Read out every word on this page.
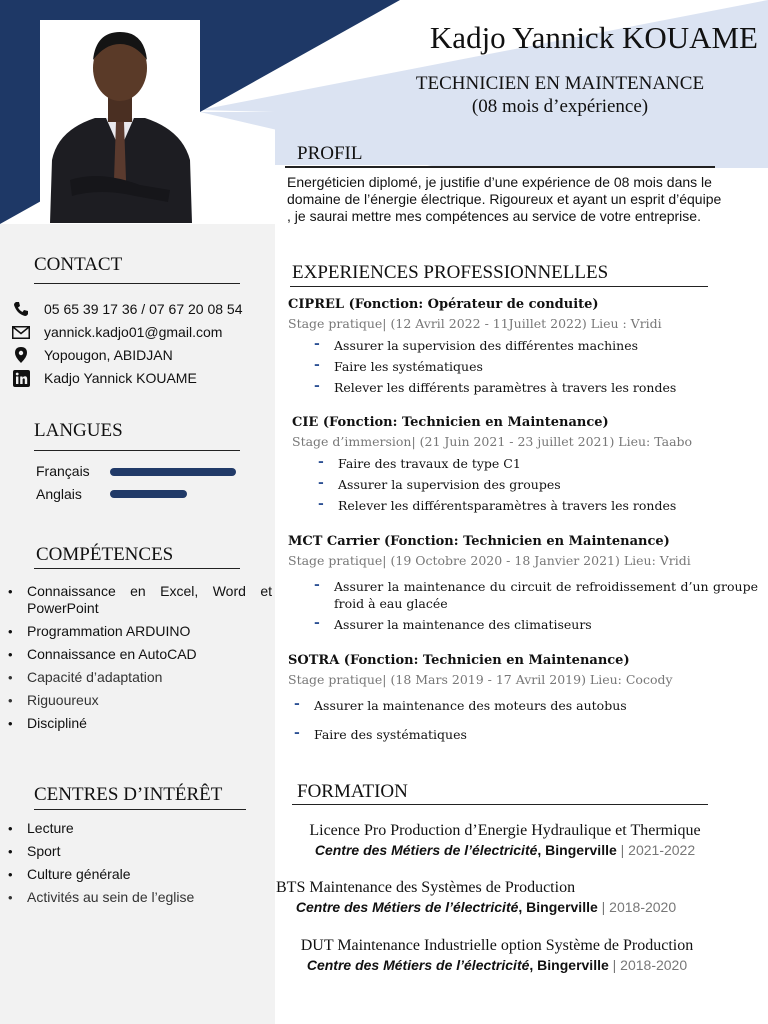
Kadjo Yannick KOUAME
TECHNICIEN EN MAINTENANCE
(08 mois d’expérience)
PROFIL
Energéticien diplomé, je justifie d’une expérience de 08 mois dans le domaine de l’énergie électrique. Rigoureux et ayant un esprit d’équipe , je saurai mettre mes compétences au service de votre entreprise.
CONTACT
05 65 39 17 36 / 07 67 20 08 54
yannick.kadjo01@gmail.com
Yopougon, ABIDJAN
Kadjo Yannick KOUAME
LANGUES
Français
Anglais
COMPÉTENCES
• Connaissance en Excel, Word et PowerPoint
• Programmation ARDUINO
• Connaissance en AutoCAD
• Capacité d’adaptation
• Riguoureux
• Discipliné
CENTRES D’INTÉRÊT
• Lecture
• Sport
• Culture générale
• Activités au sein de l’eglise
EXPERIENCES PROFESSIONNELLES
CIPREL (Fonction: Opérateur de conduite)
Stage pratique| (12 Avril 2022 - 11Juillet 2022) Lieu : Vridi
- Assurer la supervision des différentes machines
- Faire les systématiques
- Relever les différents paramètres à travers les rondes
CIE (Fonction: Technicien en Maintenance)
Stage d’immersion| (21 Juin 2021 - 23 juillet 2021) Lieu: Taabo
- Faire des travaux de type C1
- Assurer la supervision des groupes
- Relever les différentsparamètres à travers les rondes
MCT Carrier (Fonction: Technicien en Maintenance)
Stage pratique| (19 Octobre 2020 - 18 Janvier 2021) Lieu: Vridi
- Assurer la maintenance du circuit de refroidissement d’un groupe froid à eau glacée
- Assurer la maintenance des climatiseurs
SOTRA (Fonction: Technicien en Maintenance)
Stage pratique| (18 Mars 2019 - 17 Avril 2019) Lieu: Cocody
- Assurer la maintenance des moteurs des autobus
- Faire des systématiques
FORMATION
Licence Pro Production d’Energie Hydraulique et Thermique
Centre des Métiers de l’électricité, Bingerville | 2021-2022
BTS Maintenance des Systèmes de Production
Centre des Métiers de l’électricité, Bingerville | 2018-2020
DUT Maintenance Industrielle option Système de Production
Centre des Métiers de l’électricité, Bingerville | 2018-2020
